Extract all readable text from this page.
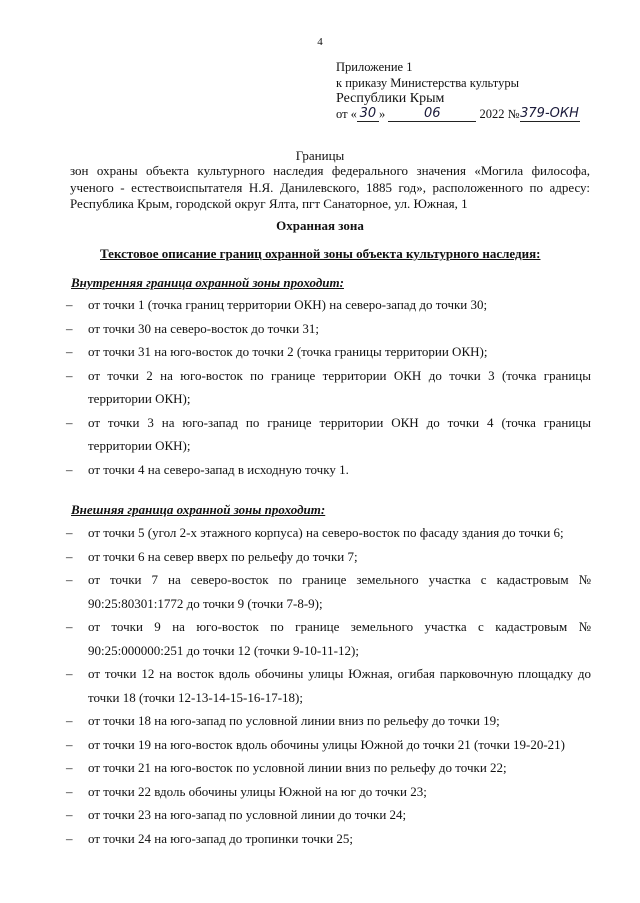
4
Приложение 1
к приказу Министерства культуры
Республики Крым
от « 30 »	06	2022 №379-ОКН
Границы
зон охраны объекта культурного наследия федерального значения «Могила философа, ученого - естествоиспытателя Н.Я. Данилевского, 1885 год», расположенного по адресу: Республика Крым, городской округ Ялта, пгт Санаторное, ул. Южная, 1
Охранная зона
Текстовое описание границ охранной зоны объекта культурного наследия:
Внутренняя граница охранной зоны проходит:
– от точки 1 (точка границ территории ОКН) на северо-запад до точки 30;
– от точки 30 на северо-восток до точки 31;
– от точки 31 на юго-восток до точки 2 (точка границы территории ОКН);
– от точки 2 на юго-восток по границе территории ОКН до точки 3 (точка границы территории ОКН);
– от точки 3 на юго-запад по границе территории ОКН до точки 4 (точка границы территории ОКН);
– от точки 4 на северо-запад в исходную точку 1.
Внешняя граница охранной зоны проходит:
– от точки 5 (угол 2-х этажного корпуса) на северо-восток по фасаду здания до точки 6;
– от точки 6 на север вверх по рельефу до точки 7;
– от точки 7 на северо-восток по границе земельного участка с кадастровым № 90:25:80301:1772 до точки 9 (точки 7-8-9);
– от точки 9 на юго-восток по границе земельного участка с кадастровым № 90:25:000000:251 до точки 12 (точки 9-10-11-12);
– от точки 12 на восток вдоль обочины улицы Южная, огибая парковочную площадку до точки 18 (точки 12-13-14-15-16-17-18);
– от точки 18 на юго-запад по условной линии вниз по рельефу до точки 19;
– от точки 19 на юго-восток вдоль обочины улицы Южной до точки 21 (точки 19-20-21)
– от точки 21 на юго-восток по условной линии вниз по рельефу до точки 22;
– от точки 22 вдоль обочины улицы Южной на юг до точки 23;
– от точки 23 на юго-запад по условной линии до точки 24;
– от точки 24 на юго-запад до тропинки точки 25;
